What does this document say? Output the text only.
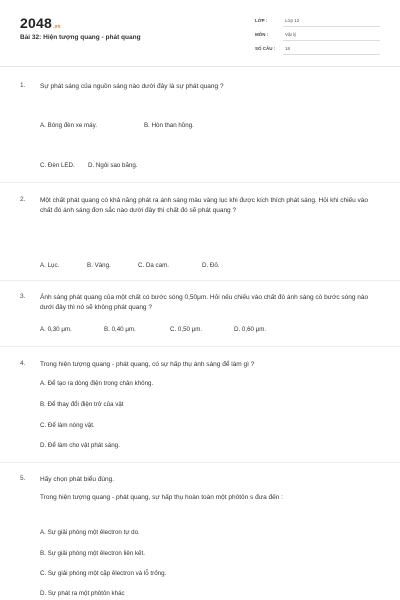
2048.vn
Bài 32: Hiện tượng quang - phát quang
LỚP :	Lớp 12
MÔN :	Vật lý
SỐ CÂU : 18
1. Sự phát sáng của nguồn sáng nào dưới đây là sự phát quang ?
A. Bóng đèn xe máy.	B. Hòn than hồng.
C. Đèn LED. D. Ngôi sao băng.
2. Một chất phát quang có khả năng phát ra ánh sáng màu vàng lục khi được kích thích phát sáng. Hỏi khi chiếu vào chất đó ánh sáng đơn sắc nào dưới đây thì chất đó sẽ phát quang ?
A. Lục.	B. Vàng.	C. Da cam.	D. Đỏ.
3. Ánh sáng phát quang của một chất có bước sóng 0,50μm. Hỏi nếu chiếu vào chất đó ánh sáng có bước sóng nào dưới đây thì nó sẽ không phát quang ?
A. 0,30 μm.	B. 0,40 μm.	C. 0,50 μm.	D. 0,60 μm.
4. Trong hiện tượng quang - phát quang, có sự hấp thụ ánh sáng để làm gì ?
A. Để tạo ra dòng điện trong chân không.
B. Để thay đổi điện trở của vật
C. Để làm nóng vật.
D. Để làm cho vật phát sáng.
5. Hãy chọn phát biểu đúng.
Trong hiện tượng quang - phát quang, sự hấp thụ hoàn toàn một phôtôn s đưa đến :
A. Sự giải phóng một êlectron tự do.
B. Sự giải phóng một êlectron liên kết.
C. Sự giải phóng một cặp êlectron và lỗ trống.
D. Sự phát ra một phôtôn khác
